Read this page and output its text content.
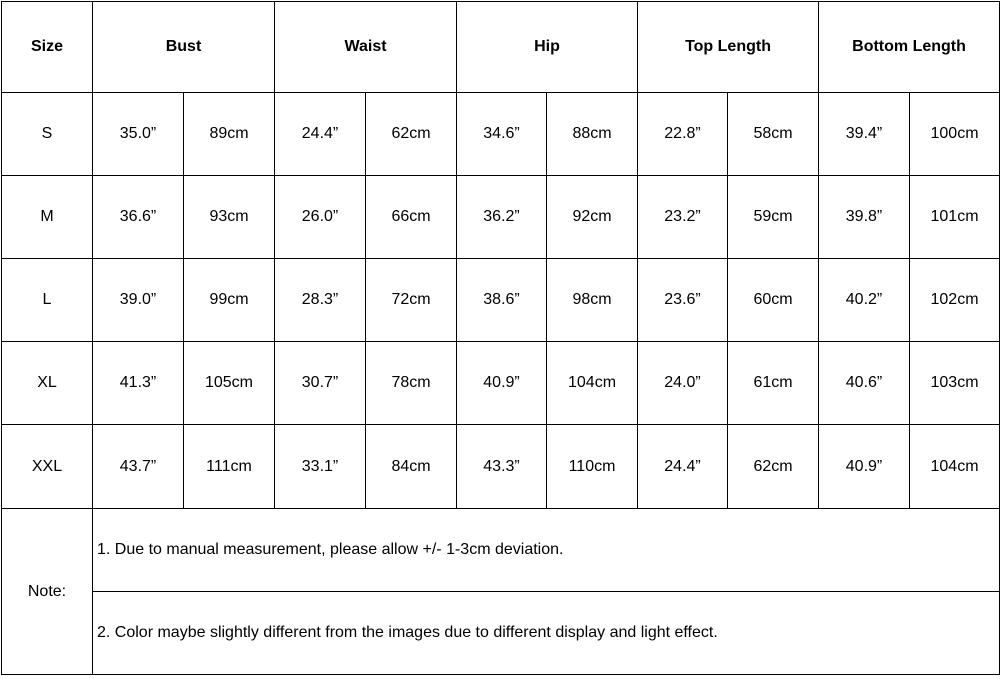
Size	Bust		Waist		Hip		Top Length		Bottom Length	
S	35.0”	89cm	24.4”	62cm	34.6”	88cm	22.8”	58cm	39.4”	100cm
M	36.6”	93cm	26.0”	66cm	36.2”	92cm	23.2”	59cm	39.8”	101cm
L	39.0”	99cm	28.3”	72cm	38.6”	98cm	23.6”	60cm	40.2”	102cm
XL	41.3”	105cm	30.7”	78cm	40.9”	104cm	24.0”	61cm	40.6”	103cm
XXL	43.7”	111cm	33.1”	84cm	43.3”	110cm	24.4”	62cm	40.9”	104cm
Note:	1. Due to manual measurement, please allow +/- 1-3cm deviation.									
	2. Color maybe slightly different from the images due to different display and light effect.									
